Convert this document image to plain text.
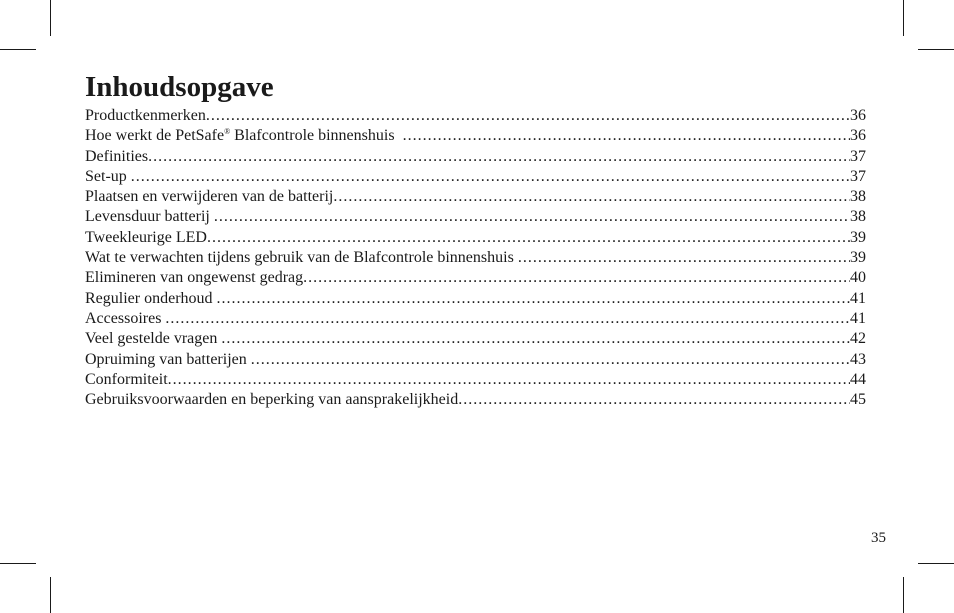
Inhoudsopgave
Productkenmerken .....	36
Hoe werkt de PetSafe® Blafcontrole binnenshuis .....	36
Definities .....	37
Set-up .....	37
Plaatsen en verwijderen van de batterij .....	38
Levensduur batterij .....	38
Tweekleurige LED .....	39
Wat te verwachten tijdens gebruik van de Blafcontrole binnenshuis .....	39
Elimineren van ongewenst gedrag .....	40
Regulier onderhoud .....	41
Accessoires .....	41
Veel gestelde vragen .....	42
Opruiming van batterijen .....	43
Conformiteit .....	44
Gebruiksvoorwaarden en beperking van aansprakelijkheid .....	45
35
